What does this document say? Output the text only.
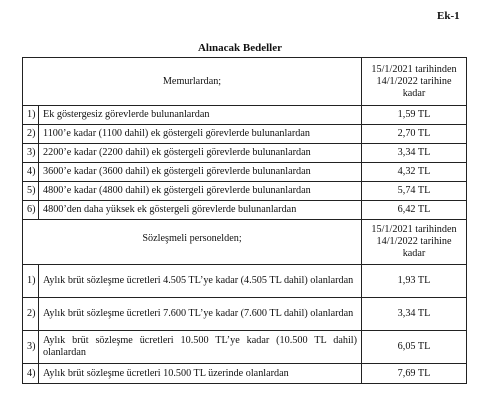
Ek-1
Alınacak Bedeller
Memurlardan;		15/1/2021 tarihinden 14/1/2022 tarihine kadar
1)	Ek göstergesiz görevlerde bulunanlardan	1,59 TL
2)	1100’e kadar (1100 dahil) ek göstergeli görevlerde bulunanlardan	2,70 TL
3)	2200’e kadar (2200 dahil) ek göstergeli görevlerde bulunanlardan	3,34 TL
4)	3600’e kadar (3600 dahil) ek göstergeli görevlerde bulunanlardan	4,32 TL
5)	4800’e kadar (4800 dahil) ek göstergeli görevlerde bulunanlardan	5,74 TL
6)	4800’den daha yüksek ek göstergeli görevlerde bulunanlardan	6,42 TL
Sözleşmeli personelden;		15/1/2021 tarihinden 14/1/2022 tarihine kadar
1)	Aylık brüt sözleşme ücretleri 4.505 TL’ye kadar (4.505 TL dahil) olanlardan	1,93 TL
2)	Aylık brüt sözleşme ücretleri 7.600 TL’ye kadar (7.600 TL dahil) olanlardan	3,34 TL
3)	Aylık brüt sözleşme ücretleri 10.500 TL’ye kadar (10.500 TL dahil) olanlardan	6,05 TL
4)	Aylık brüt sözleşme ücretleri 10.500 TL üzerinde olanlardan	7,69 TL
